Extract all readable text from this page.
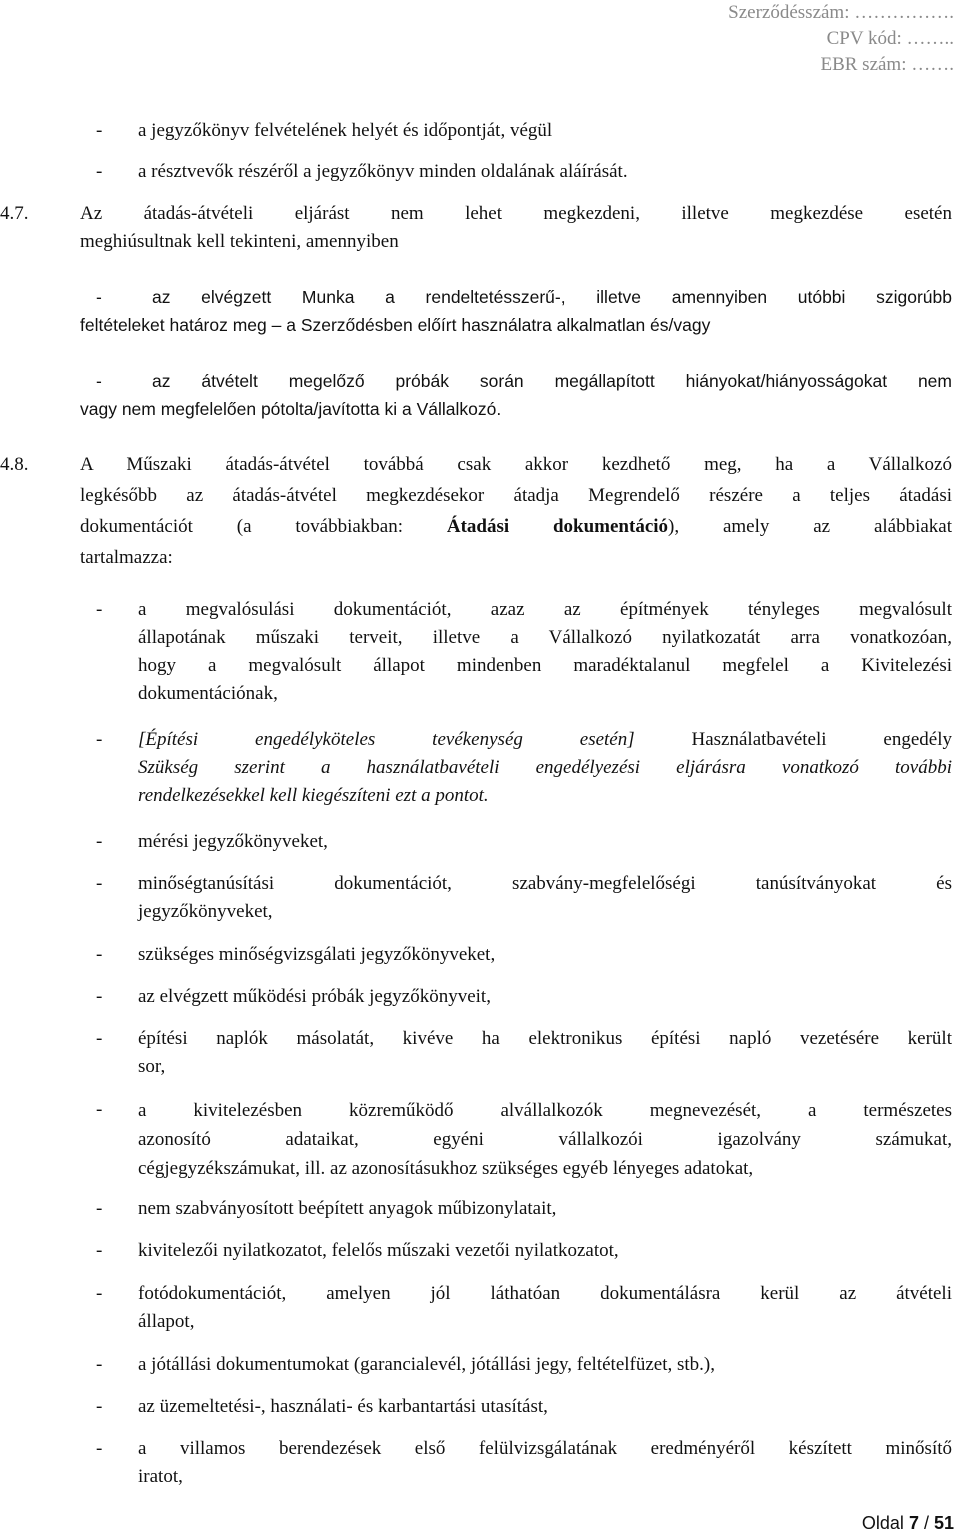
Szerződésszám: …………….
CPV kód: ……..
EBR szám: …….
- a jegyzőkönyv felvételének helyét és időpontját, végül
- a résztvevők részéről a jegyzőkönyv minden oldalának aláírását.
4.7.	Az átadás-átvételi eljárást nem lehet megkezdeni, illetve megkezdése esetén
meghiúsultnak kell tekinteni, amennyiben
-	az elvégzett Munka a rendeltetésszerű-, illetve amennyiben utóbbi szigorúbb
feltételeket határoz meg – a Szerződésben előírt használatra alkalmatlan és/vagy
-	az átvételt megelőző próbák során megállapított hiányokat/hiányosságokat nem
vagy nem megfelelően pótolta/javította ki a Vállalkozó.
4.8.	A Műszaki átadás-átvétel továbbá csak akkor kezdhető meg, ha a Vállalkozó
legkésőbb az átadás-átvétel megkezdésekor átadja Megrendelő részére a teljes átadási
dokumentációt (a továbbiakban: Átadási dokumentáció), amely az alábbiakat
tartalmazza:
- a megvalósulási dokumentációt, azaz az építmények tényleges megvalósult
állapotának műszaki terveit, illetve a Vállalkozó nyilatkozatát arra vonatkozóan,
hogy a megvalósult állapot mindenben maradéktalanul megfelel a Kivitelezési
dokumentációnak,
- [Építési engedélyköteles tevékenység esetén] Használatbavételi engedély
Szükség szerint a használatbavételi engedélyezési eljárásra vonatkozó további
rendelkezésekkel kell kiegészíteni ezt a pontot.
- mérési jegyzőkönyveket,
- minőségtanúsítási dokumentációt, szabvány-megfelelőségi tanúsítványokat és
jegyzőkönyveket,
- szükséges minőségvizsgálati jegyzőkönyveket,
- az elvégzett működési próbák jegyzőkönyveit,
- építési naplók másolatát, kivéve ha elektronikus építési napló vezetésére került
sor,
- a kivitelezésben közreműködő alvállalkozók megnevezését, a természetes
azonosító adataikat, egyéni vállalkozói igazolvány számukat,
cégjegyzékszámukat, ill. az azonosításukhoz szükséges egyéb lényeges adatokat,
- nem szabványosított beépített anyagok műbizonylatait,
- kivitelezői nyilatkozatot, felelős műszaki vezetői nyilatkozatot,
- fotódokumentációt, amelyen jól láthatóan dokumentálásra kerül az átvételi
állapot,
- a jótállási dokumentumokat (garancialevél, jótállási jegy, feltételfüzet, stb.),
- az üzemeltetési-, használati- és karbantartási utasítást,
- a villamos berendezések első felülvizsgálatának eredményéről készített minősítő
iratot,
Oldal 7 / 51
